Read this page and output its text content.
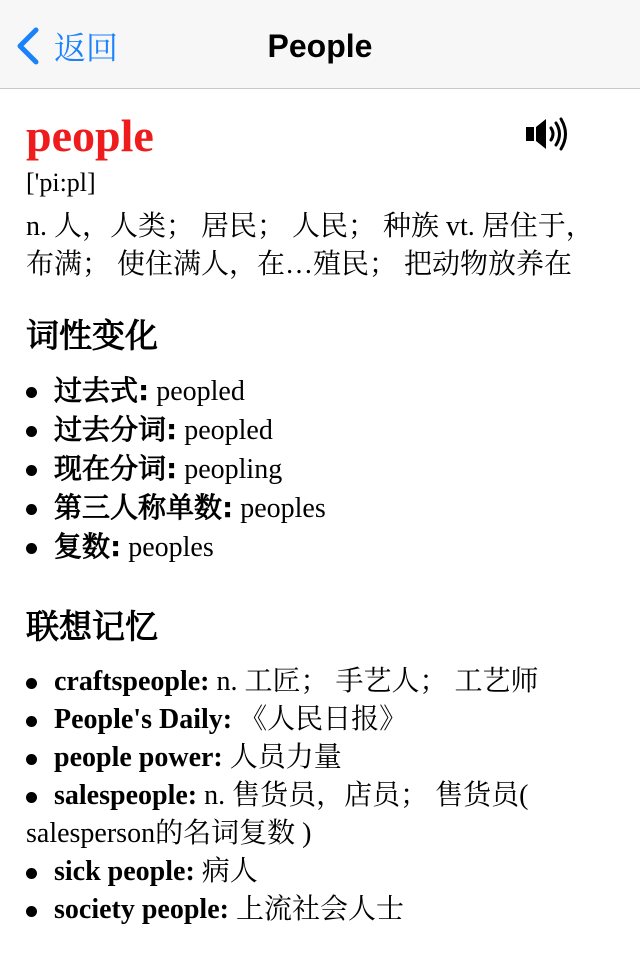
返回	People
people
['pi:pl]
n. 人，人类； 居民； 人民； 种族 vt. 居住于，布满； 使住满人，在…殖民； 把动物放养在
词性变化
过去式: peopled
过去分词: peopled
现在分词: peopling
第三人称单数: peoples
复数: peoples
联想记忆
craftspeople: n. 工匠； 手艺人； 工艺师
People's Daily: 《人民日报》
people power: 人员力量
salespeople: n. 售货员，店员； 售货员( salesperson的名词复数 )
sick people: 病人
society people: 上流社会人士
